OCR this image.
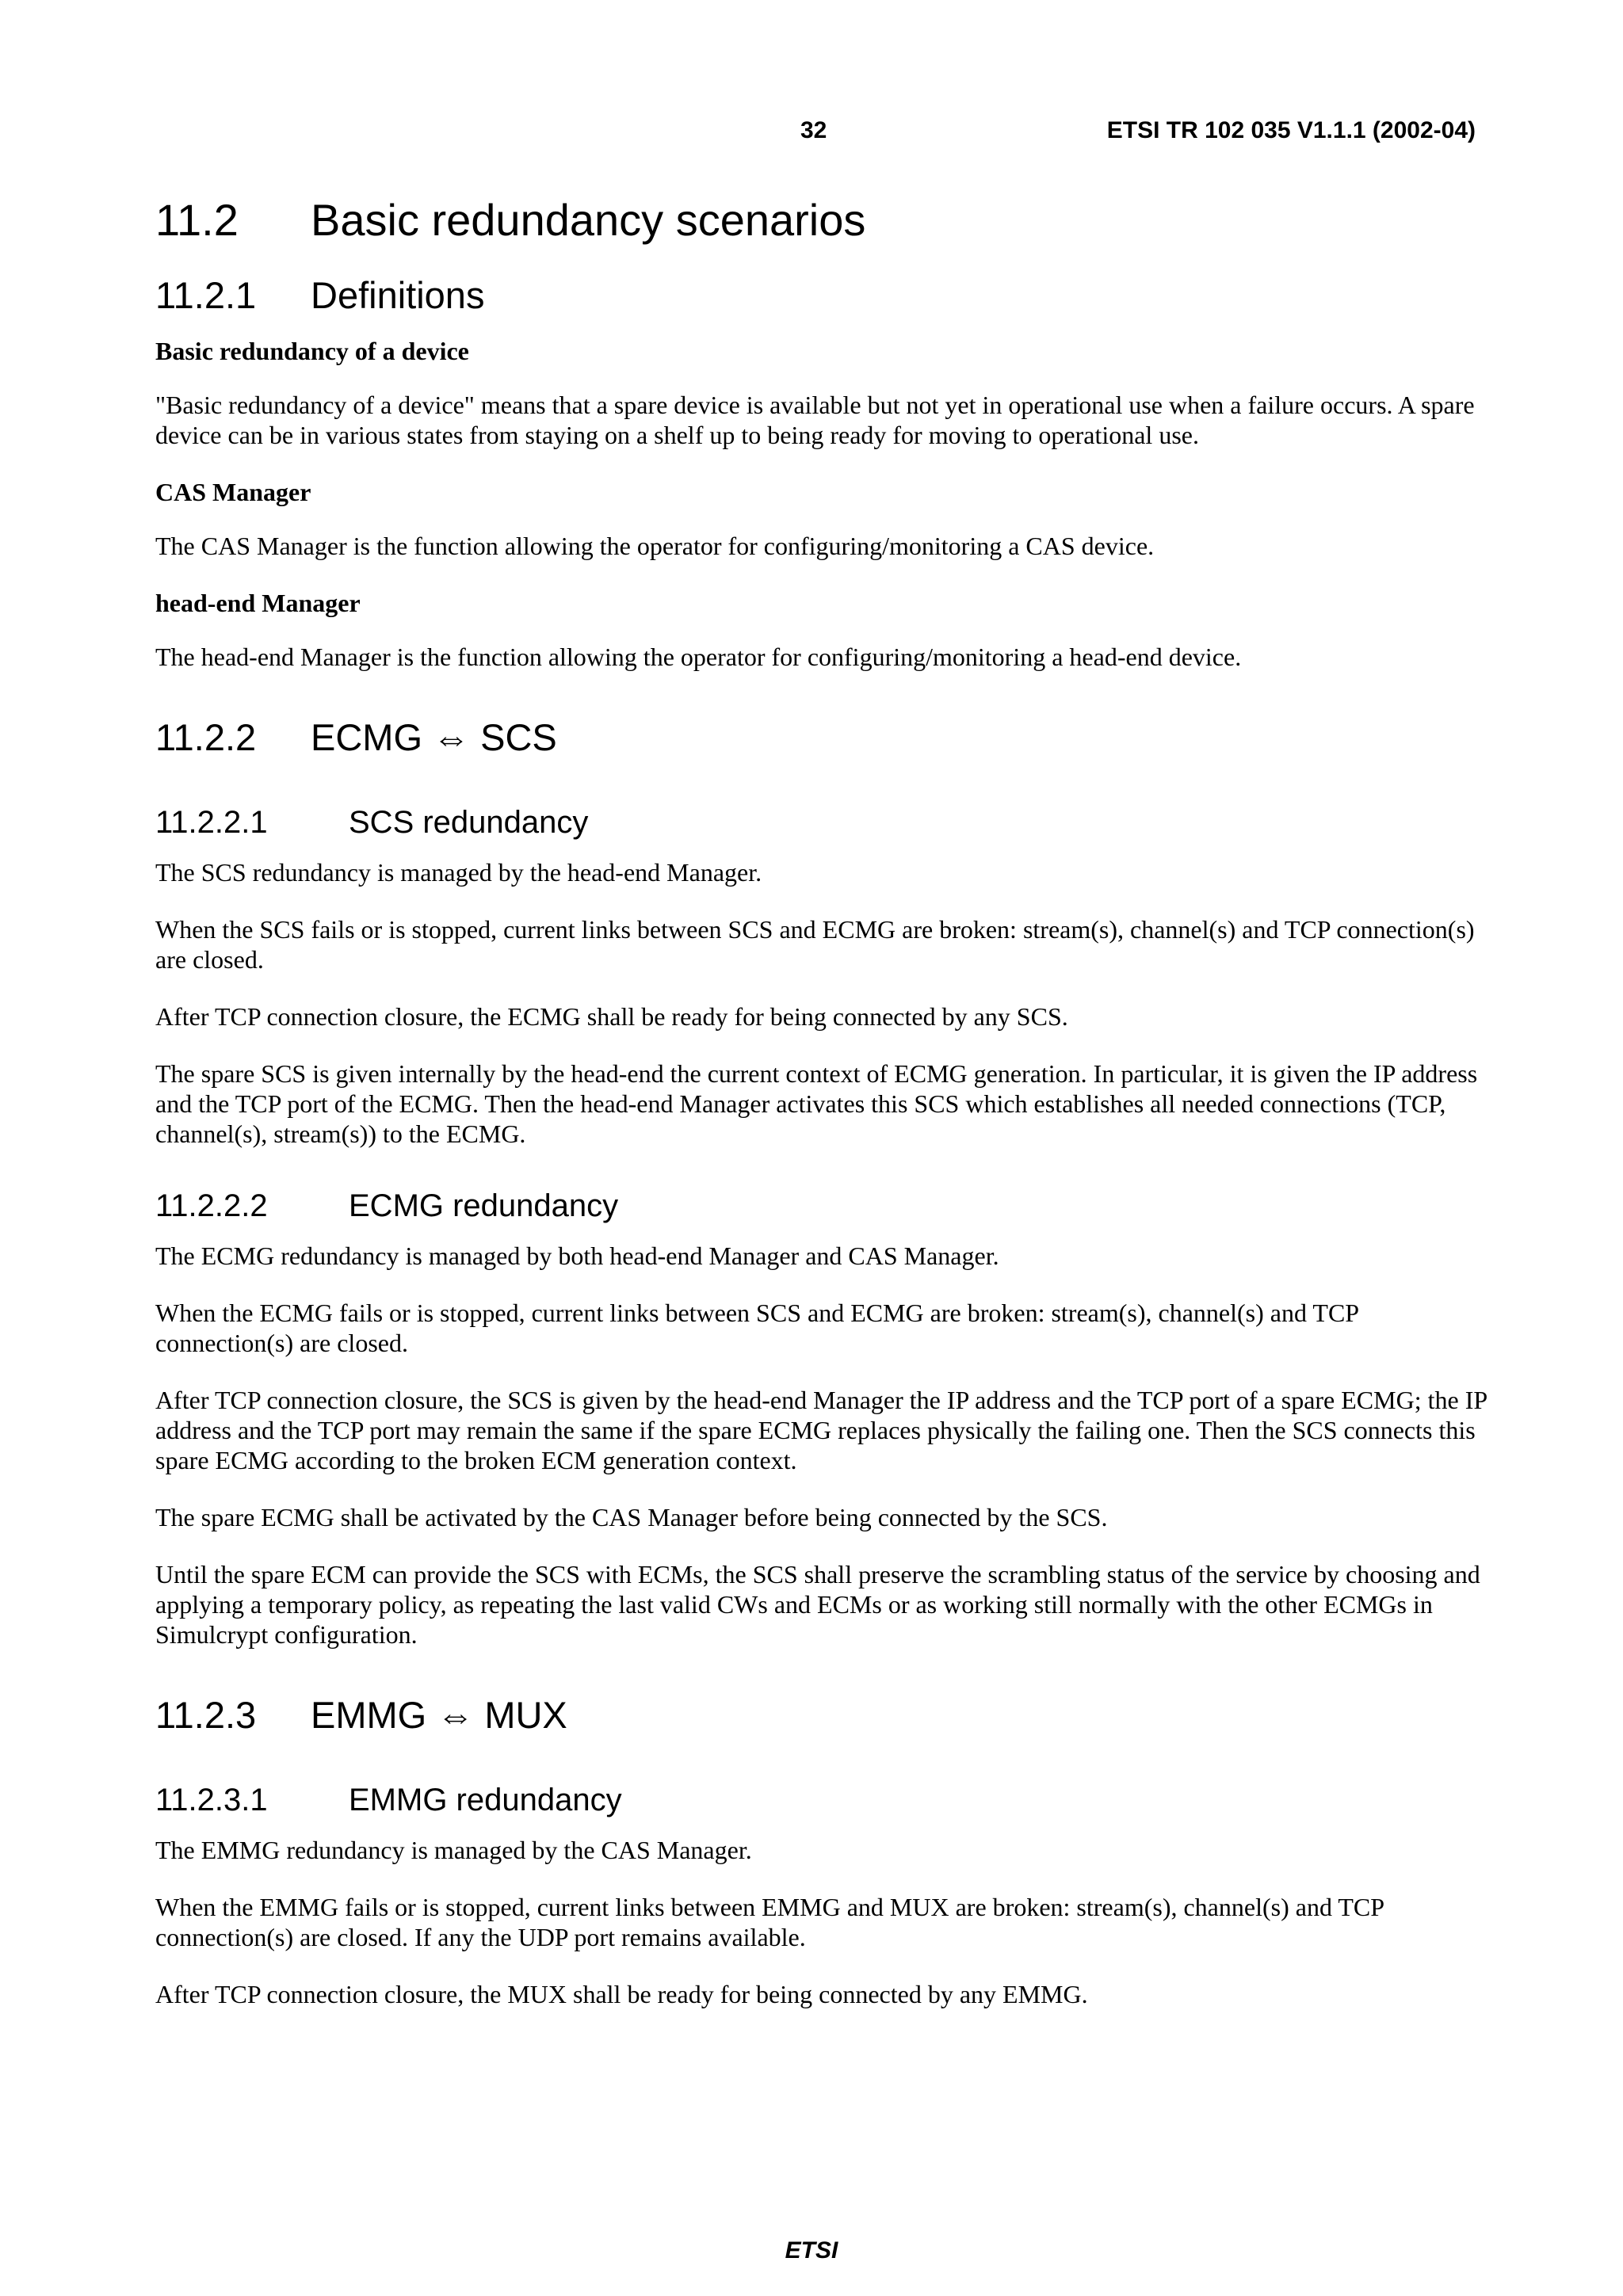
32	ETSI TR 102 035 V1.1.1 (2002-04)
11.2	Basic redundancy scenarios
11.2.1	Definitions

Basic redundancy of a device

"Basic redundancy of a device" means that a spare device is available but not yet in operational use when a failure occurs. A spare device can be in various states from staying on a shelf up to being ready for moving to operational use.

CAS Manager

The CAS Manager is the function allowing the operator for configuring/monitoring a CAS device.

head-end Manager

The head-end Manager is the function allowing the operator for configuring/monitoring a head-end device.

11.2.2	ECMG ⇔ SCS
11.2.2.1	SCS redundancy

The SCS redundancy is managed by the head-end Manager.

When the SCS fails or is stopped, current links between SCS and ECMG are broken: stream(s), channel(s) and TCP connection(s) are closed.

After TCP connection closure, the ECMG shall be ready for being connected by any SCS.

The spare SCS is given internally by the head-end the current context of ECMG generation. In particular, it is given the IP address and the TCP port of the ECMG. Then the head-end Manager activates this SCS which establishes all needed connections (TCP, channel(s), stream(s)) to the ECMG.

11.2.2.2	ECMG redundancy

The ECMG redundancy is managed by both head-end Manager and CAS Manager.

When the ECMG fails or is stopped, current links between SCS and ECMG are broken: stream(s), channel(s) and TCP connection(s) are closed.

After TCP connection closure, the SCS is given by the head-end Manager the IP address and the TCP port of a spare ECMG; the IP address and the TCP port may remain the same if the spare ECMG replaces physically the failing one. Then the SCS connects this spare ECMG according to the broken ECM generation context.

The spare ECMG shall be activated by the CAS Manager before being connected by the SCS.

Until the spare ECM can provide the SCS with ECMs, the SCS shall preserve the scrambling status of the service by choosing and applying a temporary policy, as repeating the last valid CWs and ECMs or as working still normally with the other ECMGs in Simulcrypt configuration.

11.2.3	EMMG ⇔ MUX
11.2.3.1	EMMG redundancy

The EMMG redundancy is managed by the CAS Manager.

When the EMMG fails or is stopped, current links between EMMG and MUX are broken: stream(s), channel(s) and TCP connection(s) are closed. If any the UDP port remains available.

After TCP connection closure, the MUX shall be ready for being connected by any EMMG.

ETSI
